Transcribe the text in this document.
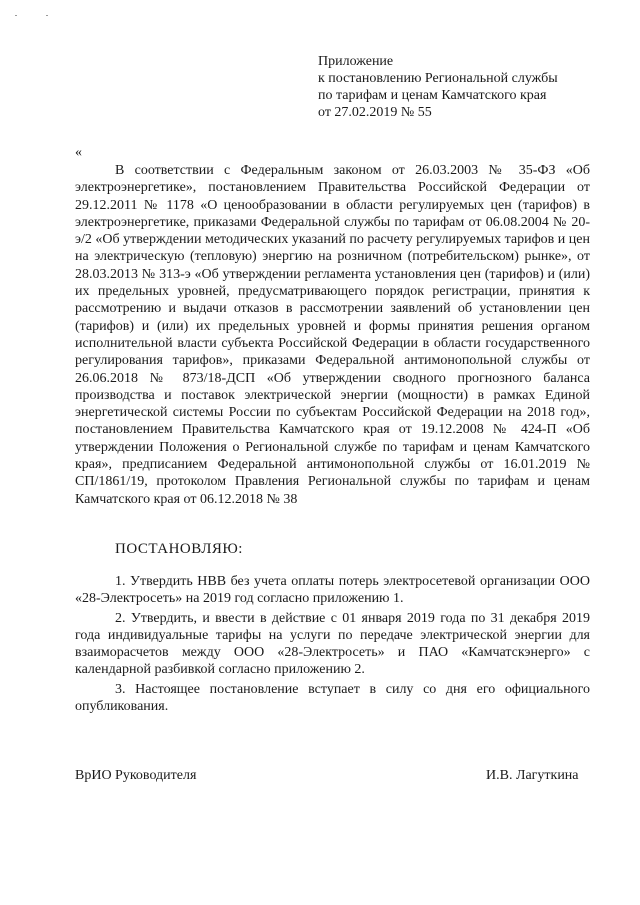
Приложение
к постановлению Региональной службы
по тарифам и ценам Камчатского края
от 27.02.2019 № 55
«

В соответствии с Федеральным законом от 26.03.2003 № 35-ФЗ «Об электроэнергетике», постановлением Правительства Российской Федерации от 29.12.2011 № 1178 «О ценообразовании в области регулируемых цен (тарифов) в электроэнергетике, приказами Федеральной службы по тарифам от 06.08.2004 № 20-э/2 «Об утверждении методических указаний по расчету регулируемых тарифов и цен на электрическую (тепловую) энергию на розничном (потребительском) рынке», от 28.03.2013 № 313-э «Об утверждении регламента установления цен (тарифов) и (или) их предельных уровней, предусматривающего порядок регистрации, принятия к рассмотрению и выдачи отказов в рассмотрении заявлений об установлении цен (тарифов) и (или) их предельных уровней и формы принятия решения органом исполнительной власти субъекта Российской Федерации в области государственного регулирования тарифов», приказами Федеральной антимонопольной службы от 26.06.2018 № 873/18-ДСП «Об утверждении сводного прогнозного баланса производства и поставок электрической энергии (мощности) в рамках Единой энергетической системы России по субъектам Российской Федерации на 2018 год», постановлением Правительства Камчатского края от 19.12.2008 № 424-П «Об утверждении Положения о Региональной службе по тарифам и ценам Камчатского края», предписанием Федеральной антимонопольной службы от 16.01.2019 № СП/1861/19, протоколом Правления Региональной службы по тарифам и ценам Камчатского края от 06.12.2018 № 38

ПОСТАНОВЛЯЮ:

1. Утвердить НВВ без учета оплаты потерь электросетевой организации ООО «28-Электросеть» на 2019 год согласно приложению 1.

2. Утвердить, и ввести в действие с 01 января 2019 года по 31 декабря 2019 года индивидуальные тарифы на услуги по передаче электрической энергии для взаиморасчетов между ООО «28-Электросеть» и ПАО «Камчатскэнерго» с календарной разбивкой согласно приложению 2.

3. Настоящее постановление вступает в силу со дня его официального опубликования.

ВрИО Руководителя	И.В. Лагуткина
